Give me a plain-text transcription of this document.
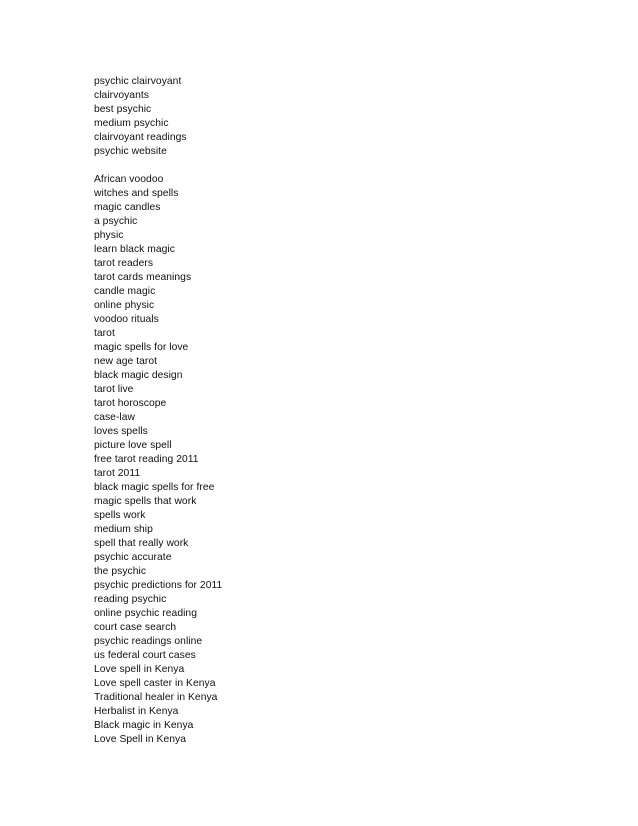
psychic clairvoyant
clairvoyants
best psychic
medium psychic
clairvoyant readings
psychic website
African voodoo
witches and spells
magic candles
a psychic
physic
learn black magic
tarot readers
tarot cards meanings
candle magic
online physic
voodoo rituals
tarot
magic spells for love
new age tarot
black magic design
tarot live
tarot horoscope
case-law
loves spells
picture love spell
free tarot reading 2011
tarot 2011
black magic spells for free
magic spells that work
spells work
medium ship
spell that really work
psychic accurate
the psychic
psychic predictions for 2011
reading psychic
online psychic reading
court case search
psychic readings online
us federal court cases
Love spell in Kenya
Love spell caster in Kenya
Traditional healer in Kenya
Herbalist in Kenya
Black magic in Kenya
Love Spell in Kenya
